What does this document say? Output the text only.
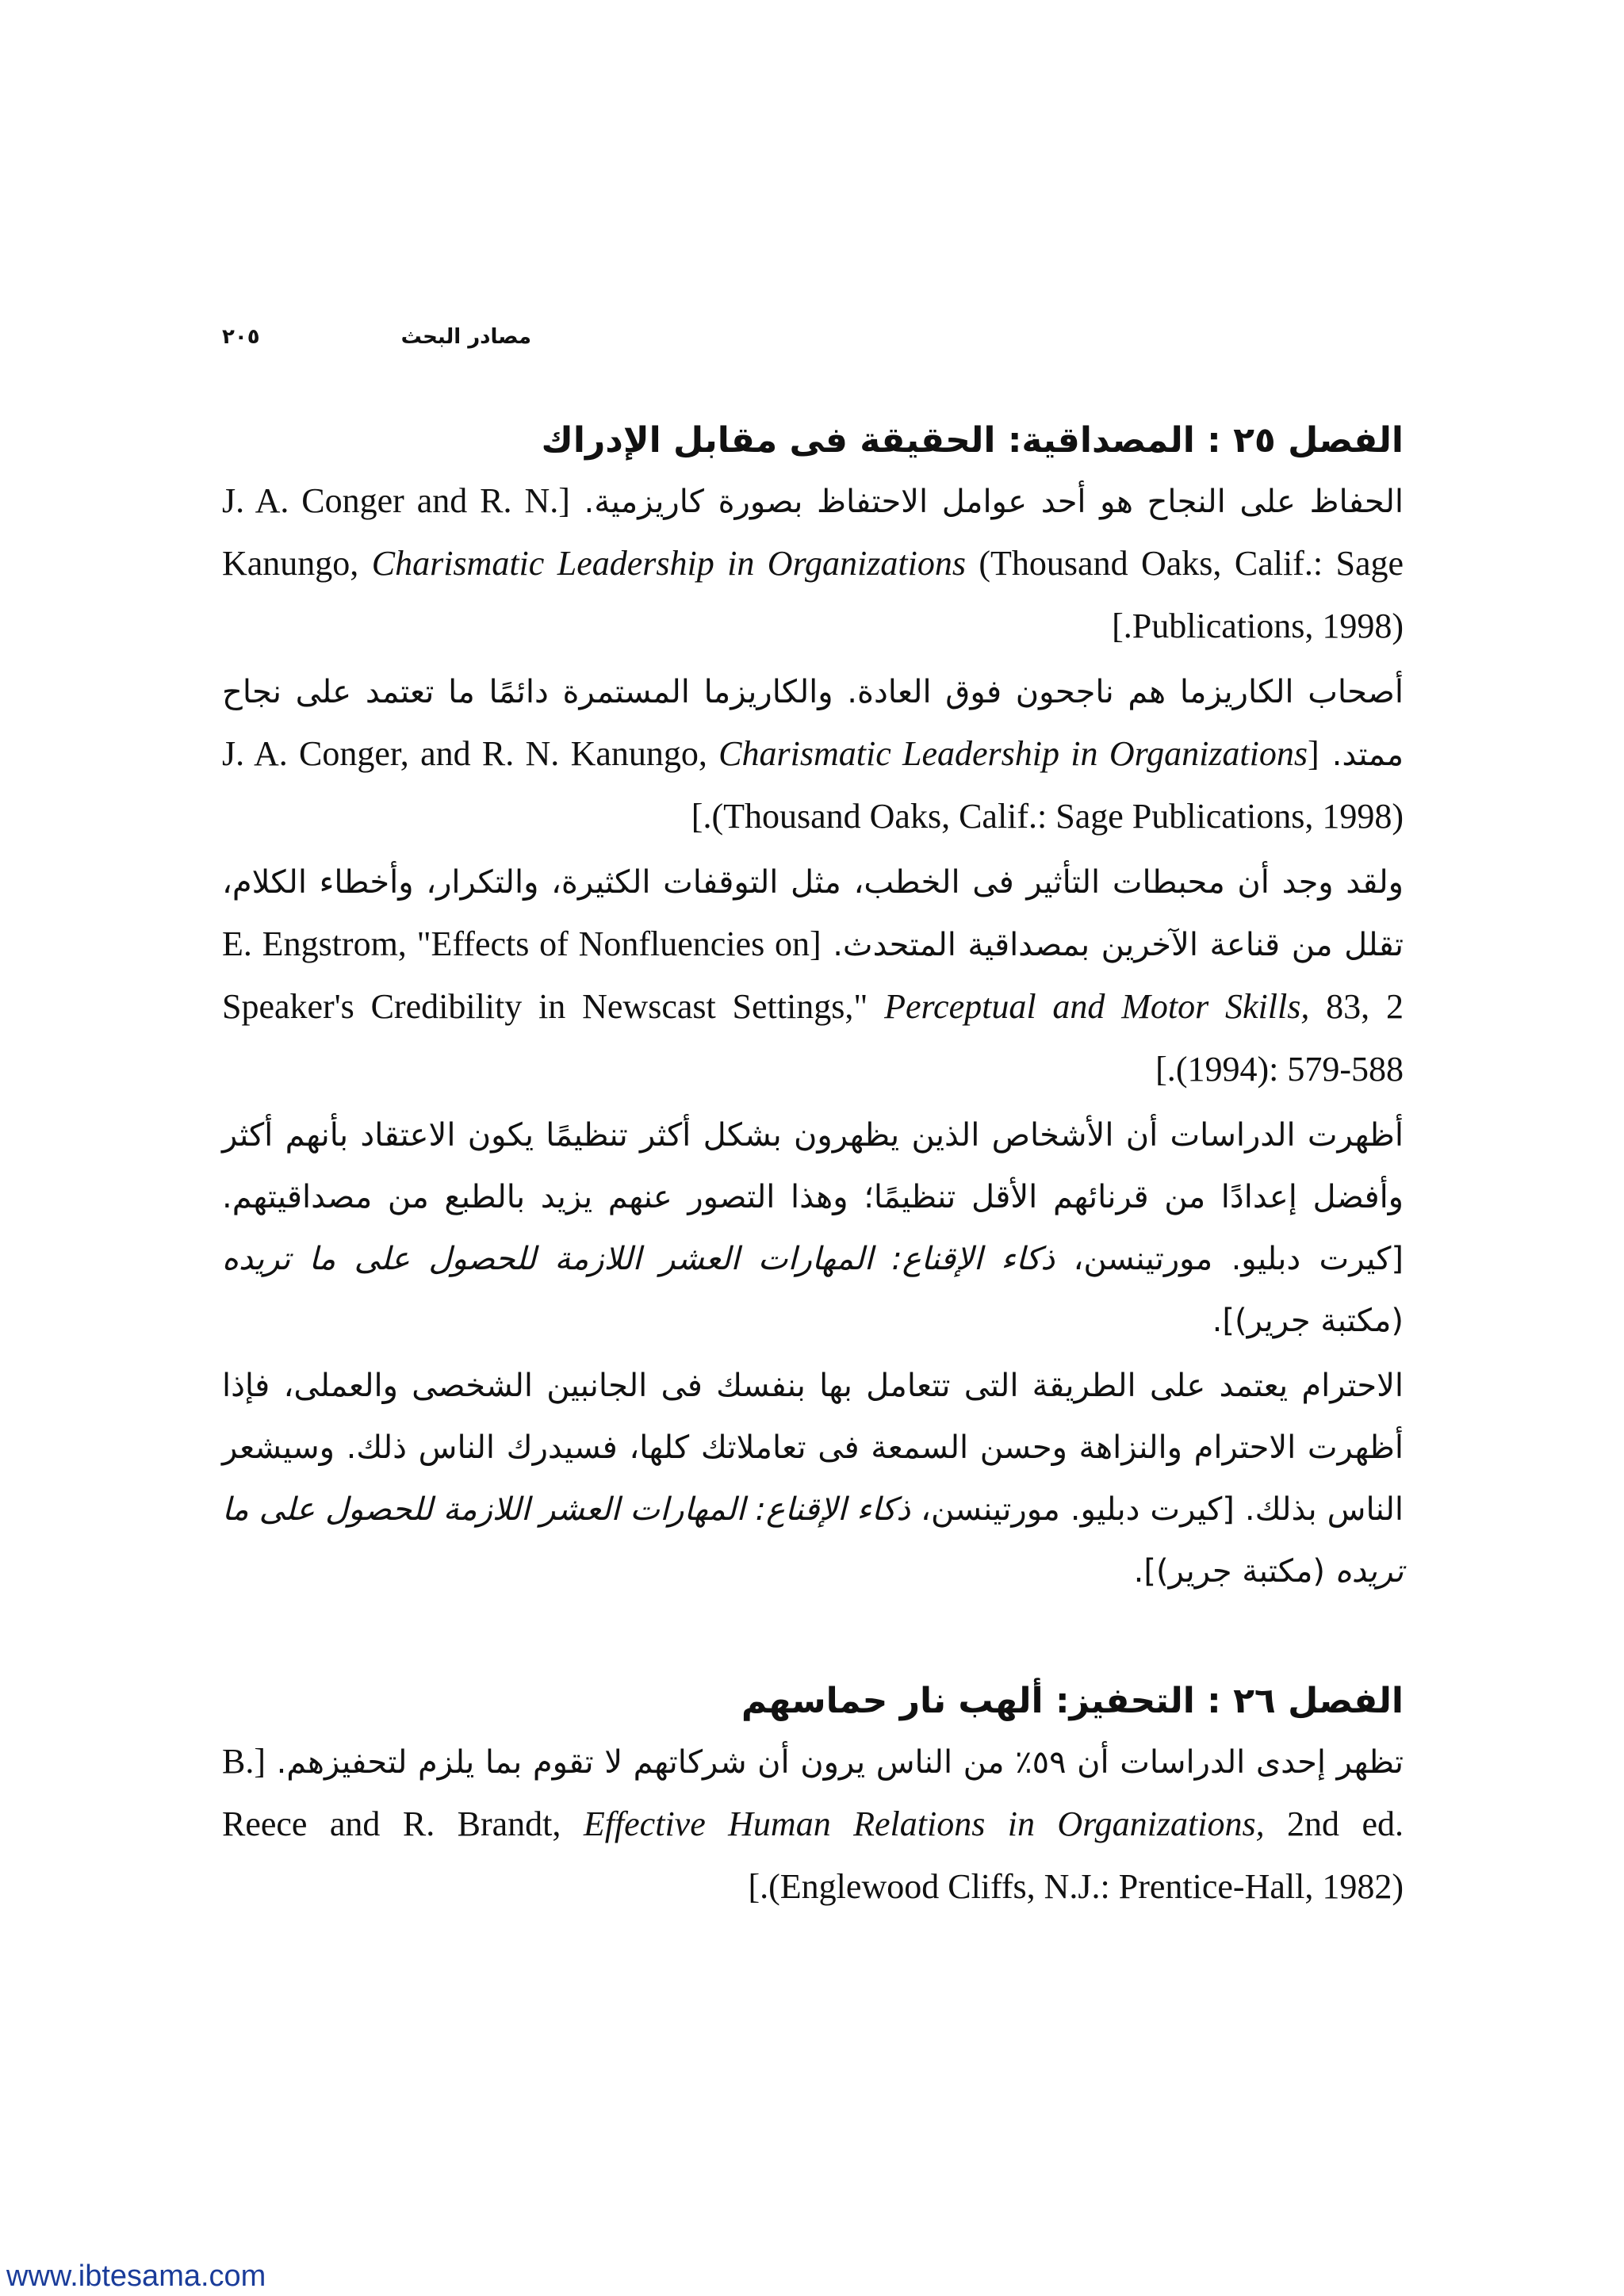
مصادر البحث
٢٠٥
الفصل ٢٥ : المصداقية: الحقيقة فى مقابل الإدراك

الحفاظ على النجاح هو أحد عوامل الاحتفاظ بصورة كاريزمية. [J. A. Conger and R. N. Kanungo, Charismatic Leadership in Organizations (Thousand Oaks, Calif.: Sage Publications, 1998).]

أصحاب الكاريزما هم ناجحون فوق العادة. والكاريزما المستمرة دائمًا ما تعتمد على نجاح ممتد. [J. A. Conger, and R. N. Kanungo, Charismatic Leadership in Organizations (Thousand Oaks, Calif.: Sage Publications, 1998).]

ولقد وجد أن محبطات التأثير فى الخطب، مثل التوقفات الكثيرة، والتكرار، وأخطاء الكلام، تقلل من قناعة الآخرين بمصداقية المتحدث. [E. Engstrom, "Effects of Nonfluencies on Speaker's Credibility in Newscast Settings," Perceptual and Motor Skills, 83, 2 (1994): 579-588.]

أظهرت الدراسات أن الأشخاص الذين يظهرون بشكل أكثر تنظيمًا يكون الاعتقاد بأنهم أكثر وأفضل إعدادًا من قرنائهم الأقل تنظيمًا؛ وهذا التصور عنهم يزيد بالطبع من مصداقيتهم. [كيرت دبليو. مورتينسن، ذكاء الإقناع: المهارات العشر اللازمة للحصول على ما تريده (مكتبة جرير)].

الاحترام يعتمد على الطريقة التى تتعامل بها بنفسك فى الجانبين الشخصى والعملى، فإذا أظهرت الاحترام والنزاهة وحسن السمعة فى تعاملاتك كلها، فسيدرك الناس ذلك. وسيشعر الناس بذلك. [كيرت دبليو. مورتينسن، ذكاء الإقناع: المهارات العشر اللازمة للحصول على ما تريده (مكتبة جرير)].

الفصل ٢٦ : التحفيز: ألهب نار حماسهم

تظهر إحدى الدراسات أن ٥٩٪ من الناس يرون أن شركاتهم لا تقوم بما يلزم لتحفيزهم. [B. Reece and R. Brandt, Effective Human Relations in Organizations, 2nd ed. (Englewood Cliffs, N.J.: Prentice-Hall, 1982).]

www.ibtesama.com
